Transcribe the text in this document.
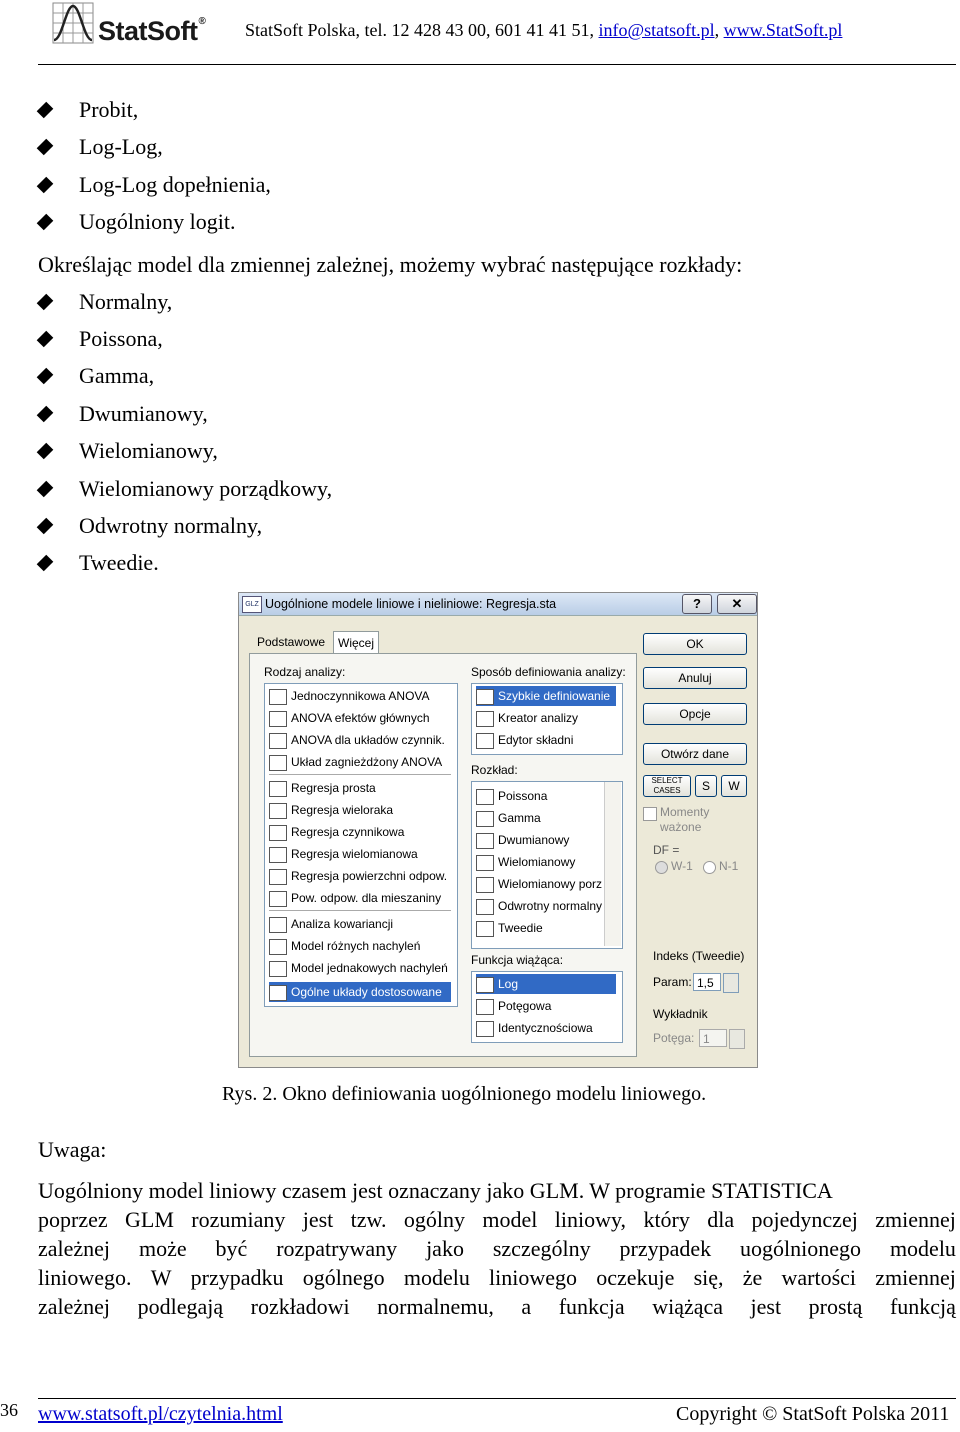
StatSoft® StatSoft Polska, tel. 12 428 43 00, 601 41 41 51, info@statsoft.pl, www.StatSoft.pl
Probit,
Log-Log,
Log-Log dopełnienia,
Uogólniony logit.
Określając model dla zmiennej zależnej, możemy wybrać następujące rozkłady:
Normalny,
Poissona,
Gamma,
Dwumianowy,
Wielomianowy,
Wielomianowy porządkowy,
Odwrotny normalny,
Tweedie.
GLZ Uogólnione modele liniowe i nieliniowe: Regresja.sta	?	✕
Podstawowe	Więcej
Rodzaj analizy:
Jednoczynnikowa ANOVA
ANOVA efektów głównych
ANOVA dla układów czynnik.
Układ zagnieżdżony ANOVA
Regresja prosta
Regresja wieloraka
Regresja czynnikowa
Regresja wielomianowa
Regresja powierzchni odpow.
Pow. odpow. dla mieszaniny
Analiza kowariancji
Model różnych nachyleń
Model jednakowych nachyleń
Ogólne układy dostosowane
Sposób definiowania analizy:
Szybkie definiowanie
Kreator analizy
Edytor składni
Rozkład:
Poissona
Gamma
Dwumianowy
Wielomianowy
Wielomianowy porz
Odwrotny normalny
Tweedie
Funkcja wiążąca:
Log
Potęgowa
Identycznościowa
OK
Anuluj
Opcje
Otwórz dane
SELECT CASES	S	W
Momenty
ważone
DF =
W-1 N-1
Indeks (Tweedie)
Param: 1,5
Wykładnik
Potęga: 1
Rys. 2. Okno definiowania uogólnionego modelu liniowego.
Uwaga:
Uogólniony model liniowy czasem jest oznaczany jako GLM. W programie STATISTICA
poprzez GLM rozumiany jest tzw. ogólny model liniowy, który dla pojedynczej zmiennej
zależnej może być rozpatrywany jako szczególny przypadek uogólnionego modelu
liniowego. W przypadku ogólnego modelu liniowego oczekuje się, że wartości zmiennej
zależnej podlegają rozkładowi normalnemu, a funkcja wiążąca jest prostą funkcją
36 www.statsoft.pl/czytelnia.html	Copyright © StatSoft Polska 2011
